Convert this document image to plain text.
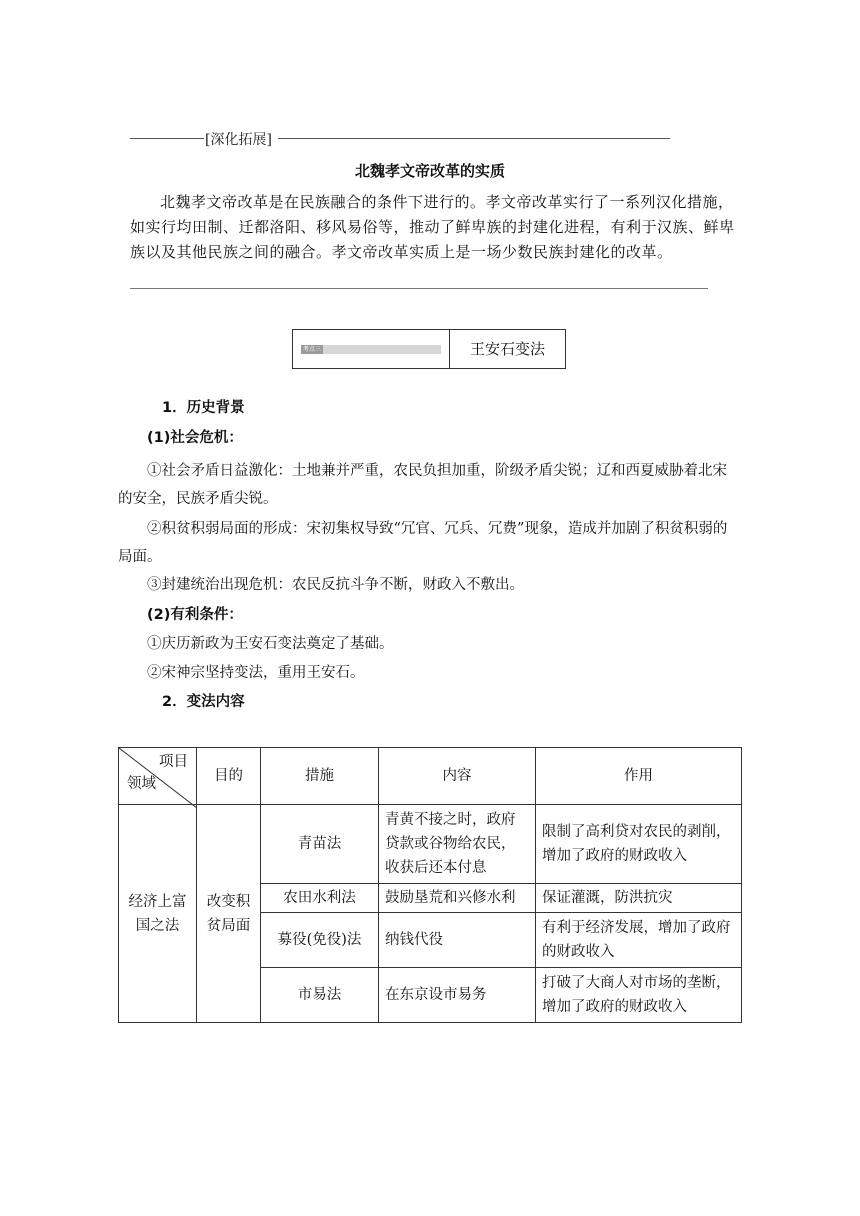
[深化拓展]
北魏孝文帝改革的实质
北魏孝文帝改革是在民族融合的条件下进行的。孝文帝改革实行了一系列汉化措施，如实行均田制、迁都洛阳、移风易俗等，推动了鲜卑族的封建化进程，有利于汉族、鲜卑族以及其他民族之间的融合。孝文帝改革实质上是一场少数民族封建化的改革。
考点三	王安石变法
1．历史背景
(1)社会危机：
①社会矛盾日益激化：土地兼并严重，农民负担加重，阶级矛盾尖锐；辽和西夏威胁着北宋的安全，民族矛盾尖锐。
②积贫积弱局面的形成：宋初集权导致“冗官、冗兵、冗费”现象，造成并加剧了积贫积弱的局面。
③封建统治出现危机：农民反抗斗争不断，财政入不敷出。
(2)有利条件：
①庆历新政为王安石变法奠定了基础。
②宋神宗坚持变法，重用王安石。
2．变法内容
项目
领域	目的	措施	内容	作用
经济上富国之法	改变积贫局面	青苗法	青黄不接之时，政府贷款或谷物给农民，收获后还本付息	限制了高利贷对农民的剥削，增加了政府的财政收入
		农田水利法	鼓励垦荒和兴修水利	保证灌溉，防洪抗灾
		募役(免役)法	纳钱代役	有利于经济发展，增加了政府的财政收入
		市易法	在东京设市易务	打破了大商人对市场的垄断，增加了政府的财政收入
